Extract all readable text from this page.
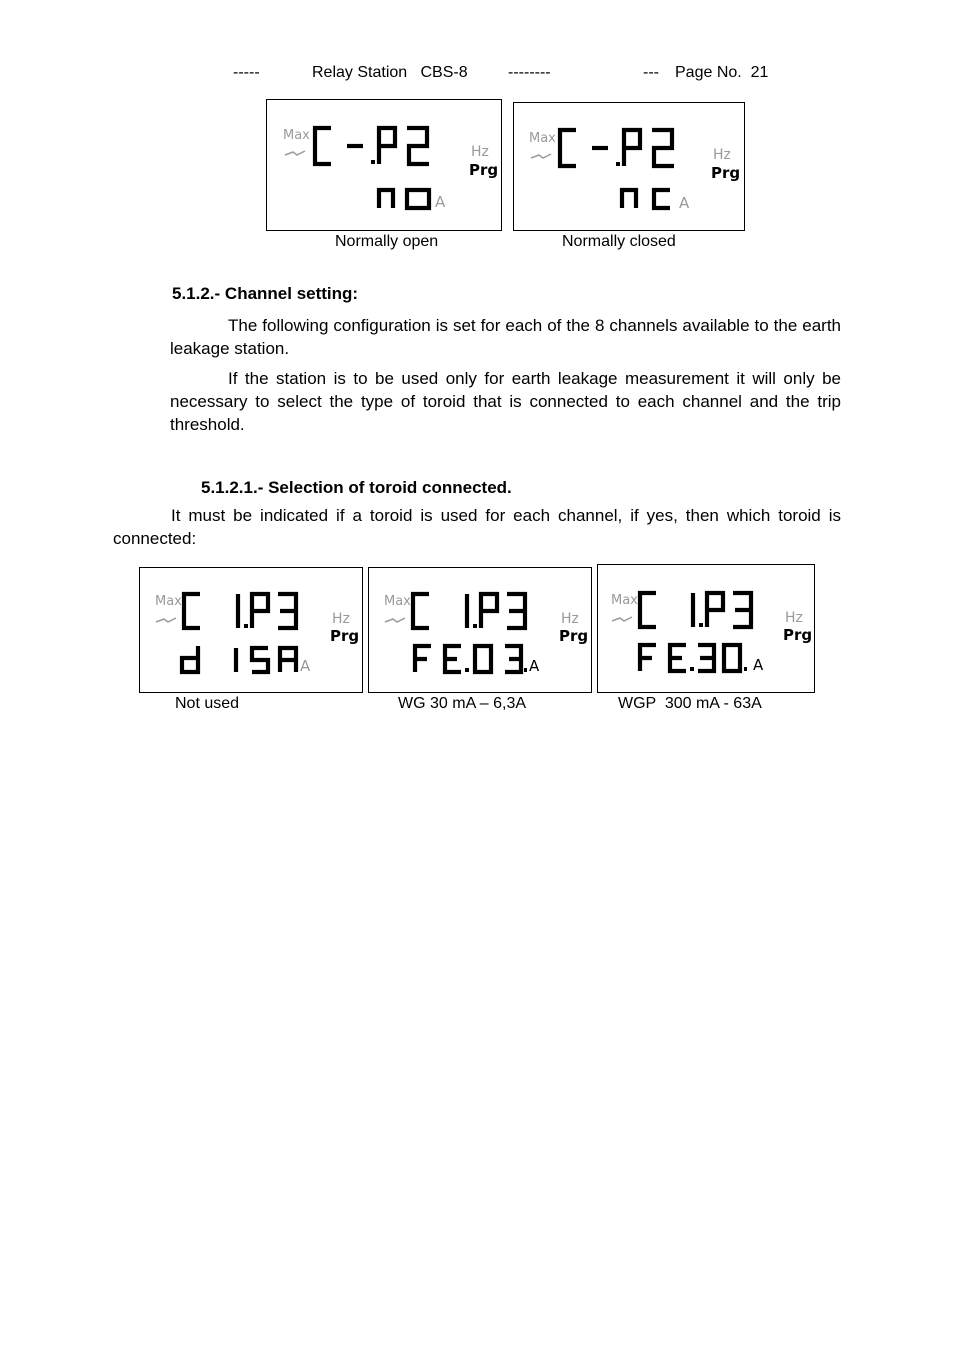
-----	Relay Station   CBS-8	--------	--- Page No.  21
Max
Hz
Prg
A
Normally open
Max
Hz
Prg
A
Normally closed
5.1.2.- Channel setting:

The following configuration is set for each of the 8 channels available to the earth leakage station.

If the station is to be used only for earth leakage measurement it will only be necessary to select the type of toroid that is connected to each channel and the trip threshold.

5.1.2.1.- Selection of toroid connected.

It must be indicated if a toroid is used for each channel, if yes, then which toroid is connected:

Max
Hz
Prg
A
Not used
Max
Hz
Prg
A
WG 30 mA – 6,3A
Max
Hz
Prg
A
WGP  300 mA - 63A
